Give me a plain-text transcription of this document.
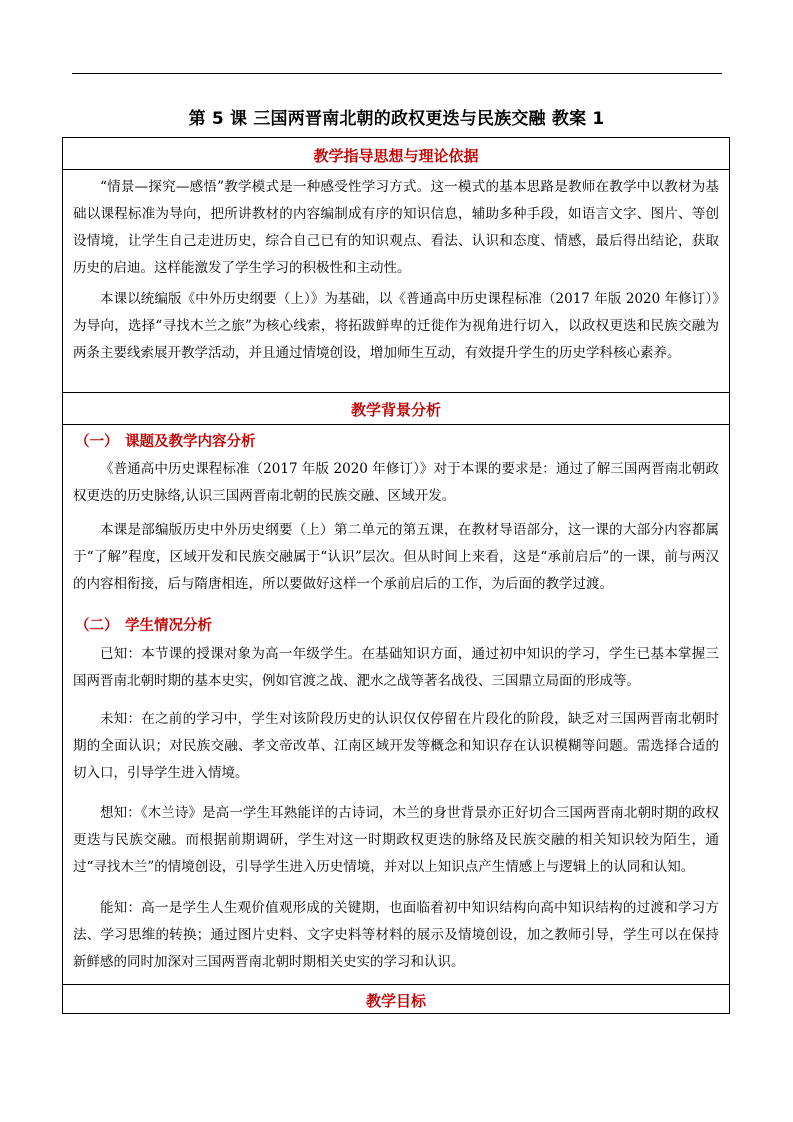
第 5 课 三国两晋南北朝的政权更迭与民族交融 教案 1
教学指导思想与理论依据

“情景—探究—感悟”教学模式是一种感受性学习方式。这一模式的基本思路是教师在教学中以教材为基础以课程标准为导向，把所讲教材的内容编制成有序的知识信息，辅助多种手段，如语言文字、图片、等创设情境，让学生自己走进历史，综合自己已有的知识观点、看法、认识和态度、情感，最后得出结论，获取历史的启迪。这样能激发了学生学习的积极性和主动性。

本课以统编版《中外历史纲要（上）》为基础，以《普通高中历史课程标准（2017 年版 2020 年修订）》为导向，选择“寻找木兰之旅”为核心线索，将拓跋鲜卑的迁徙作为视角进行切入，以政权更迭和民族交融为两条主要线索展开教学活动，并且通过情境创设，增加师生互动，有效提升学生的历史学科核心素养。

教学背景分析
（一） 课题及教学内容分析

《普通高中历史课程标准（2017 年版 2020 年修订）》对于本课的要求是：通过了解三国两晋南北朝政权更迭的历史脉络,认识三国两晋南北朝的民族交融、区域开发。

本课是部编版历史中外历史纲要（上）第二单元的第五课，在教材导语部分，这一课的大部分内容都属于“了解”程度，区域开发和民族交融属于“认识”层次。但从时间上来看，这是“承前启后”的一课，前与两汉的内容相衔接，后与隋唐相连，所以要做好这样一个承前启后的工作，为后面的教学过渡。

（二） 学生情况分析

已知：本节课的授课对象为高一年级学生。在基础知识方面，通过初中知识的学习，学生已基本掌握三国两晋南北朝时期的基本史实，例如官渡之战、淝水之战等著名战役、三国鼎立局面的形成等。

未知：在之前的学习中，学生对该阶段历史的认识仅仅停留在片段化的阶段，缺乏对三国两晋南北朝时期的全面认识；对民族交融、孝文帝改革、江南区域开发等概念和知识存在认识模糊等问题。需选择合适的切入口，引导学生进入情境。

想知：《木兰诗》是高一学生耳熟能详的古诗词，木兰的身世背景亦正好切合三国两晋南北朝时期的政权更迭与民族交融。而根据前期调研，学生对这一时期政权更迭的脉络及民族交融的相关知识较为陌生，通过“寻找木兰”的情境创设，引导学生进入历史情境，并对以上知识点产生情感上与逻辑上的认同和认知。

能知：高一是学生人生观价值观形成的关键期，也面临着初中知识结构向高中知识结构的过渡和学习方法、学习思维的转换；通过图片史料、文字史料等材料的展示及情境创设，加之教师引导，学生可以在保持新鲜感的同时加深对三国两晋南北朝时期相关史实的学习和认识。

教学目标
